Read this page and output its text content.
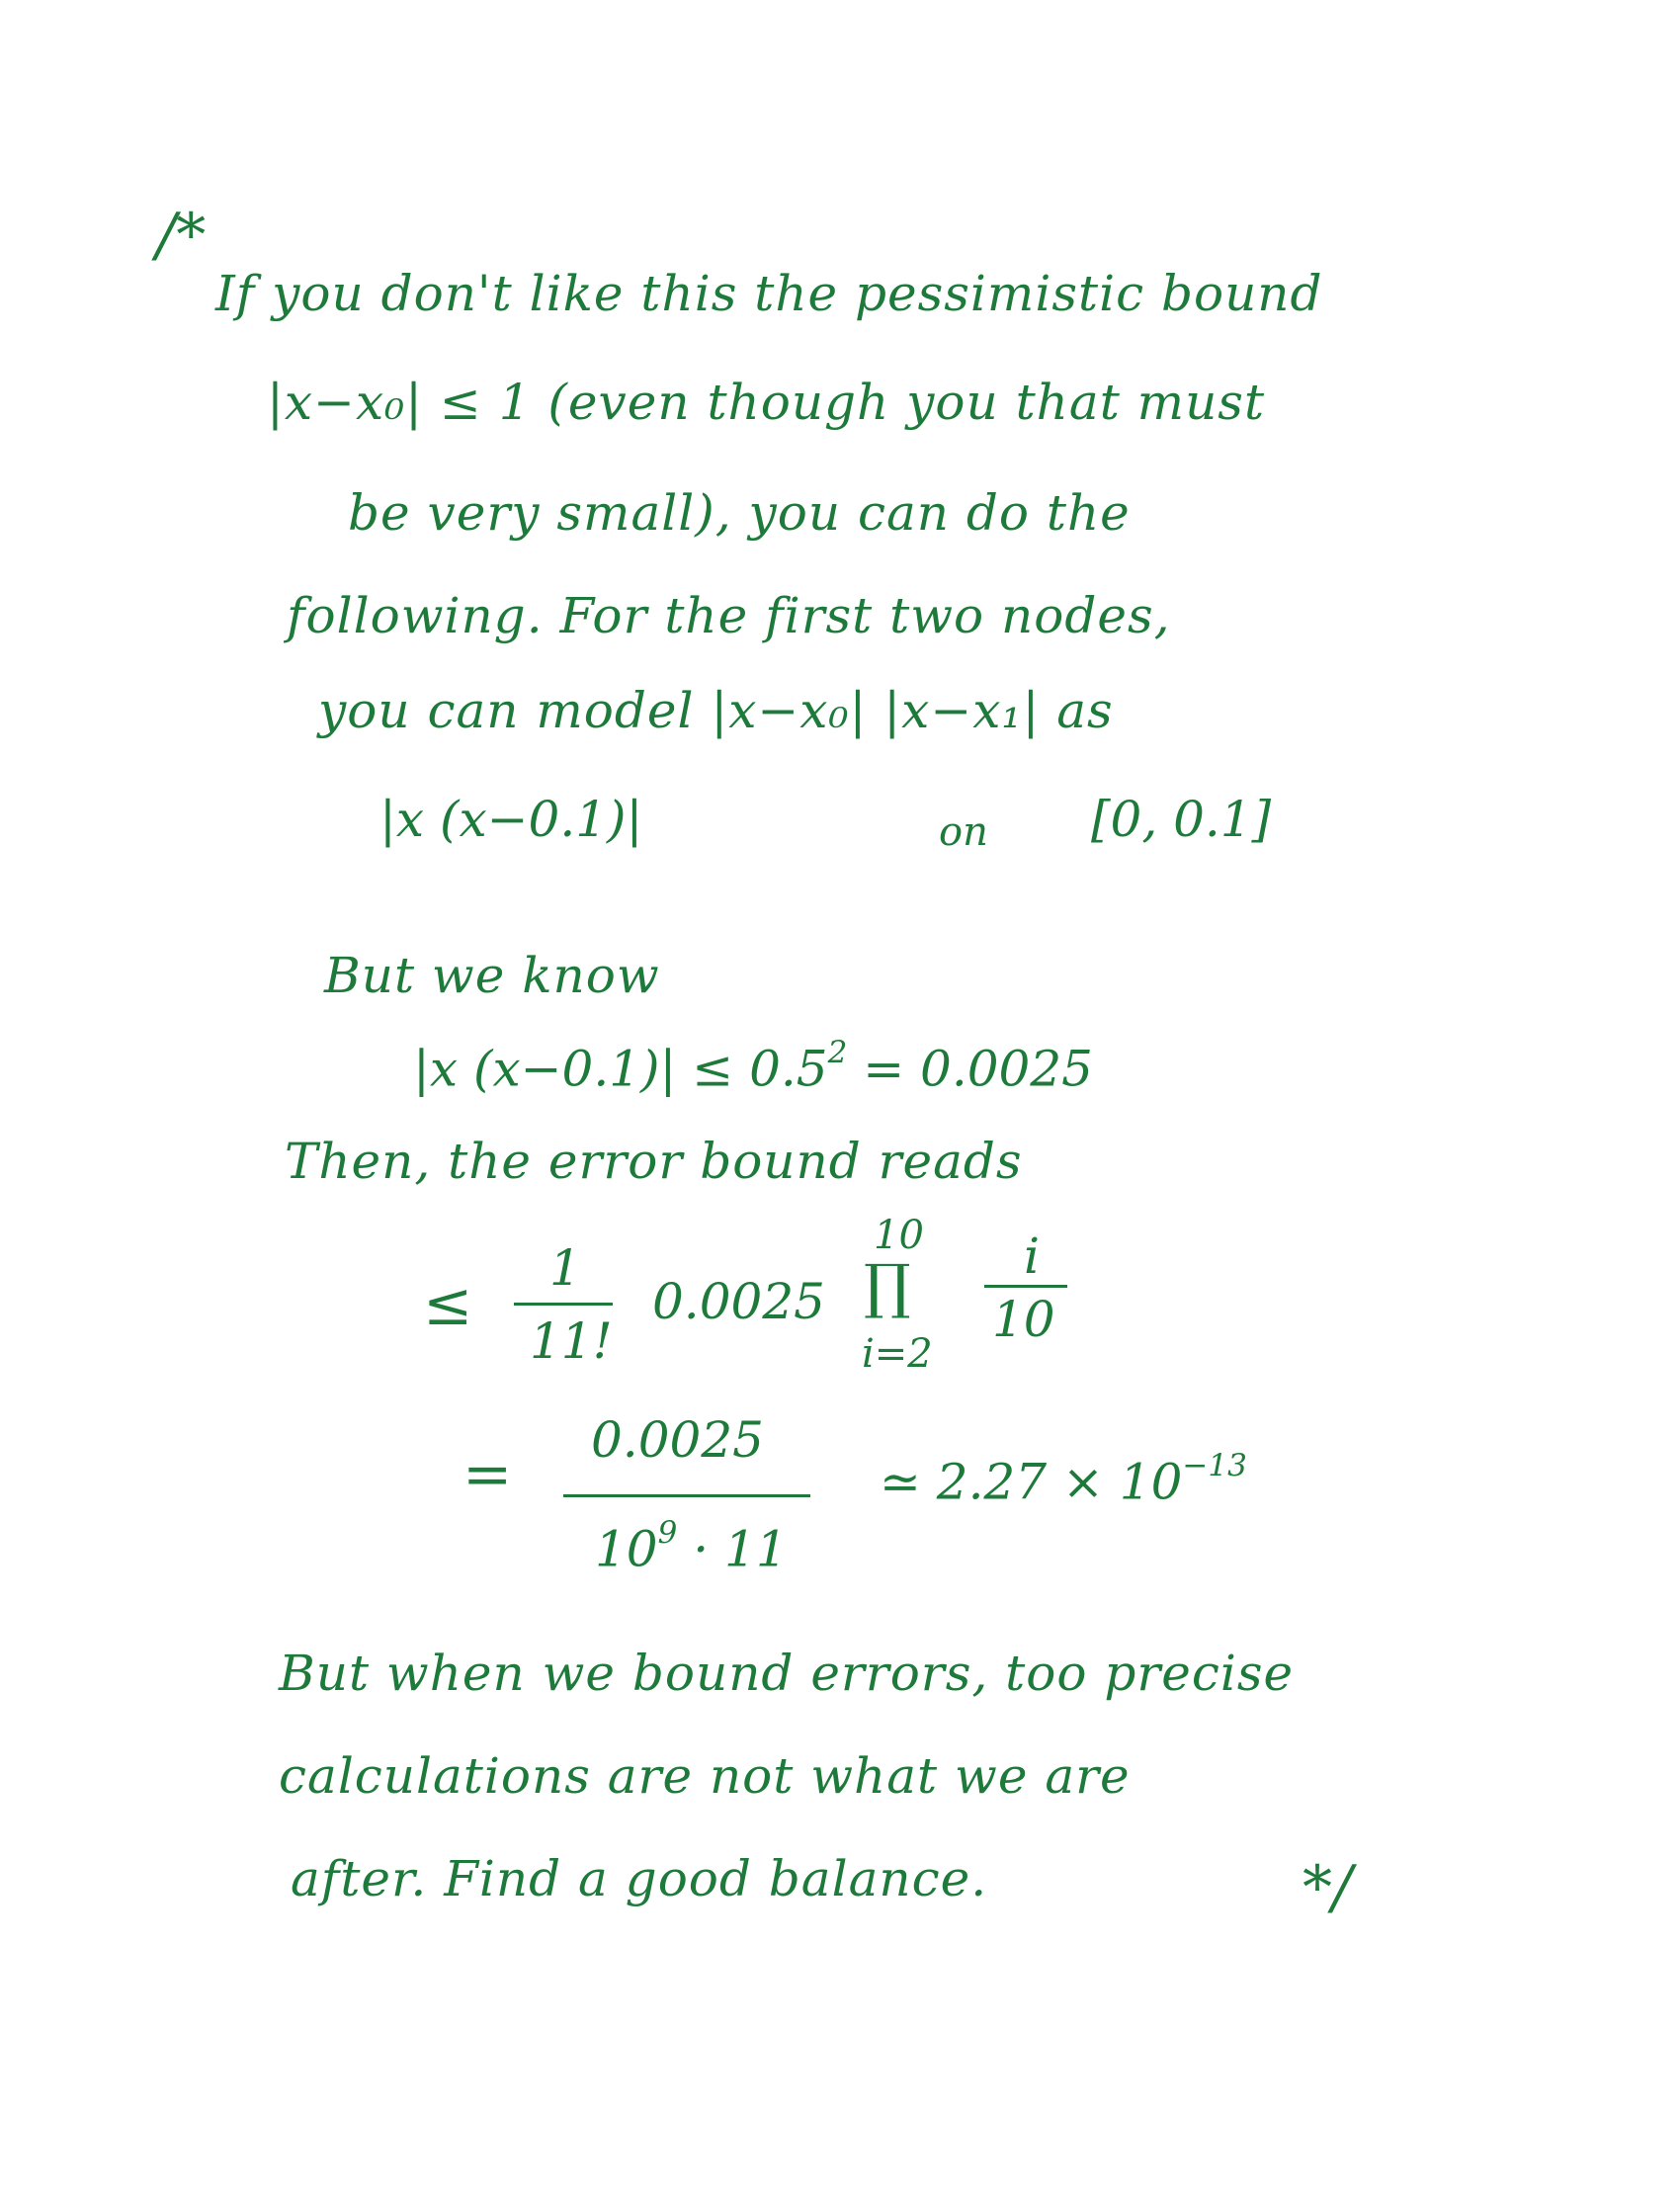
/*
If you don't like this the pessimistic bound
|x−x₀| ≤ 1 (even though you that must
be very small), you can do the
following. For the first two nodes,
you can model |x−x₀| |x−x₁| as
|x (x−0.1)|	on [0, 0.1]
But we know
|x $(x-0.1)| \le 0.5^2 = 0.0025$
Then, the error bound reads
≤
1
11!
0.0025
10
∏
i=2
i
10
= 0.0025
$10^9 \cdot 11$
≃ $2.27 \times 10^{-13}$
But when we bound errors, too precise
calculations are not what we are
after. Find a good balance.	*/
